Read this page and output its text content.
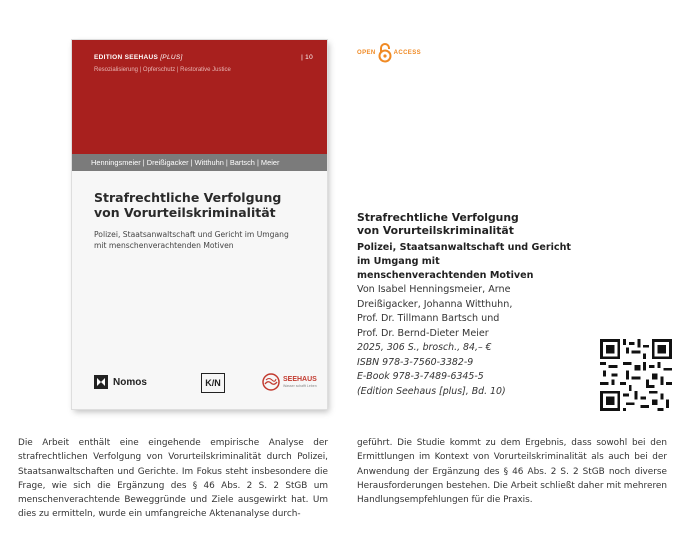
EDITION SEEHAUS [PLUS]	| 10
Resozialisierung | Opferschutz | Restorative Justice
Henningsmeier | Dreißigacker | Witthuhn | Bartsch | Meier
Strafrechtliche Verfolgung
von Vorurteilskriminalität
Polizei, Staatsanwaltschaft und Gericht im Umgang
mit menschenverachtenden Motiven
Nomos	K/N	SEEHAUS
Wasser schafft Leben
OPEN	ACCESS
Strafrechtliche Verfolgung
von Vorurteilskriminalität
Polizei, Staatsanwaltschaft und Gericht
im Umgang mit
menschenverachtenden Motiven
Von Isabel Henningsmeier, Arne
Dreißigacker, Johanna Witthuhn,
Prof. Dr. Tillmann Bartsch und
Prof. Dr. Bernd-Dieter Meier
2025, 306 S., brosch., 84,– €
ISBN 978-3-7560-3382-9
E-Book 978-3-7489-6345-5
(Edition Seehaus [plus], Bd. 10)

Die Arbeit enthält eine eingehende empirische Analyse der strafrechtlichen Verfolgung von Vorurteilskriminalität durch Polizei, Staatsanwaltschaften und Gerichte. Im Fokus steht insbesondere die Frage, wie sich die Ergänzung des § 46 Abs. 2 S. 2 StGB um menschenverachtende Beweggründe und Ziele ausgewirkt hat. Um dies zu ermitteln, wurde ein umfangreiche Aktenanalyse durch-

geführt. Die Studie kommt zu dem Ergebnis, dass sowohl bei den Ermittlungen im Kontext von Vorurteilskriminalität als auch bei der Anwendung der Ergänzung des § 46 Abs. 2 S. 2 StGB noch diverse Herausforderungen bestehen. Die Arbeit schließt daher mit mehreren Handlungsempfehlungen für die Praxis.
